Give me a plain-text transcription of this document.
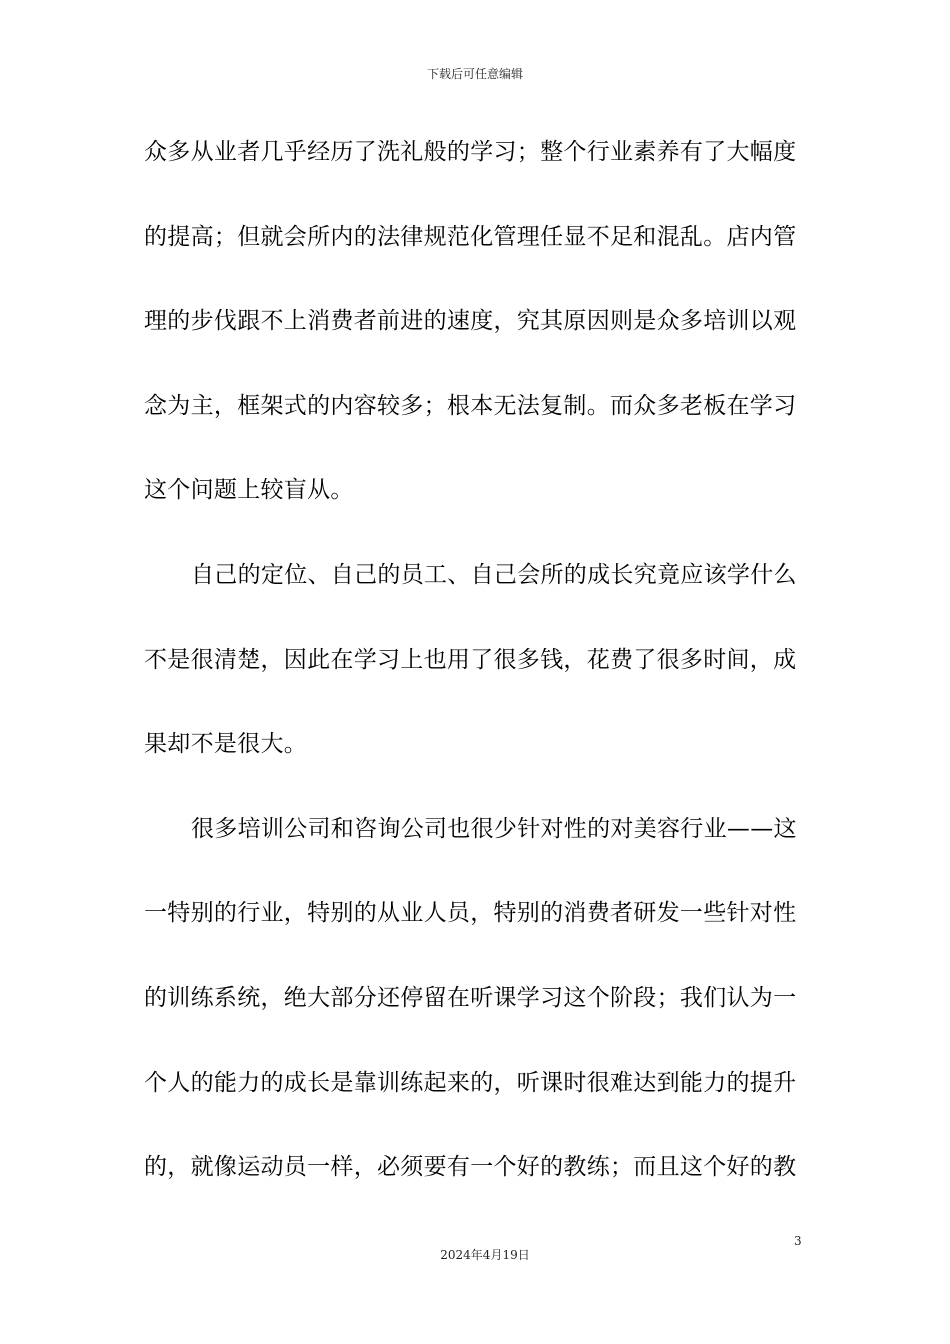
下载后可任意编辑
众多从业者几乎经历了洗礼般的学习；整个行业素养有了大幅度
的提高；但就会所内的法律规范化管理任显不足和混乱。店内管
理的步伐跟不上消费者前进的速度，究其原因则是众多培训以观
念为主，框架式的内容较多；根本无法复制。而众多老板在学习
这个问题上较盲从。
自己的定位、自己的员工、自己会所的成长究竟应该学什么
不是很清楚，因此在学习上也用了很多钱，花费了很多时间，成
果却不是很大。
很多培训公司和咨询公司也很少针对性的对美容行业——这
一特别的行业，特别的从业人员，特别的消费者研发一些针对性
的训练系统，绝大部分还停留在听课学习这个阶段；我们认为一
个人的能力的成长是靠训练起来的，听课时很难达到能力的提升
的，就像运动员一样，必须要有一个好的教练；而且这个好的教
3
2024年4月19日
